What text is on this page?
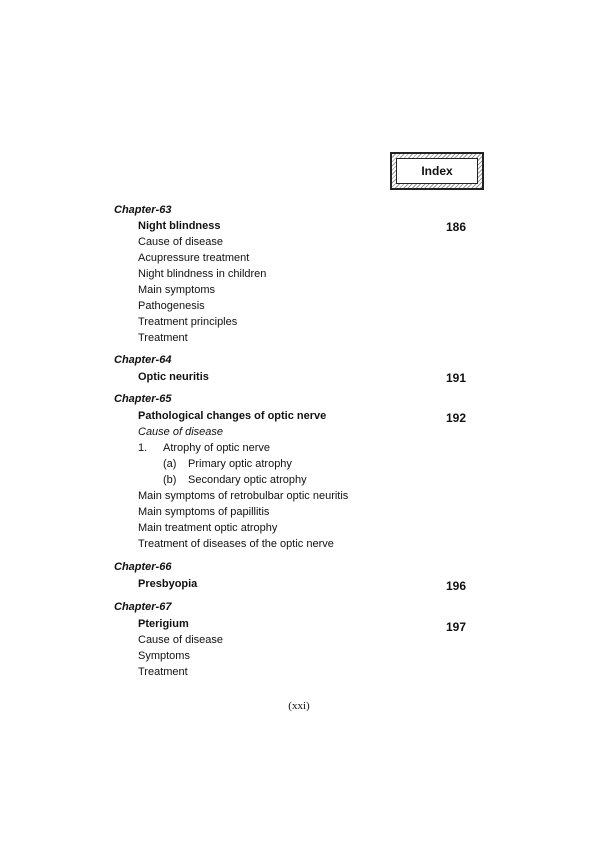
Index
Chapter-63
Night blindness	186
Cause of disease
Acupressure treatment
Night blindness in children
Main symptoms
Pathogenesis
Treatment principles
Treatment
Chapter-64
Optic neuritis	191
Chapter-65
Pathological changes of optic nerve	192
Cause of disease
1. Atrophy of optic nerve
(a) Primary optic atrophy
(b) Secondary optic atrophy
Main symptoms of retrobulbar optic neuritis
Main symptoms of papillitis
Main treatment optic atrophy
Treatment of diseases of the optic nerve
Chapter-66
Presbyopia	196
Chapter-67
Pterigium	197
Cause of disease
Symptoms
Treatment
(xxi)
